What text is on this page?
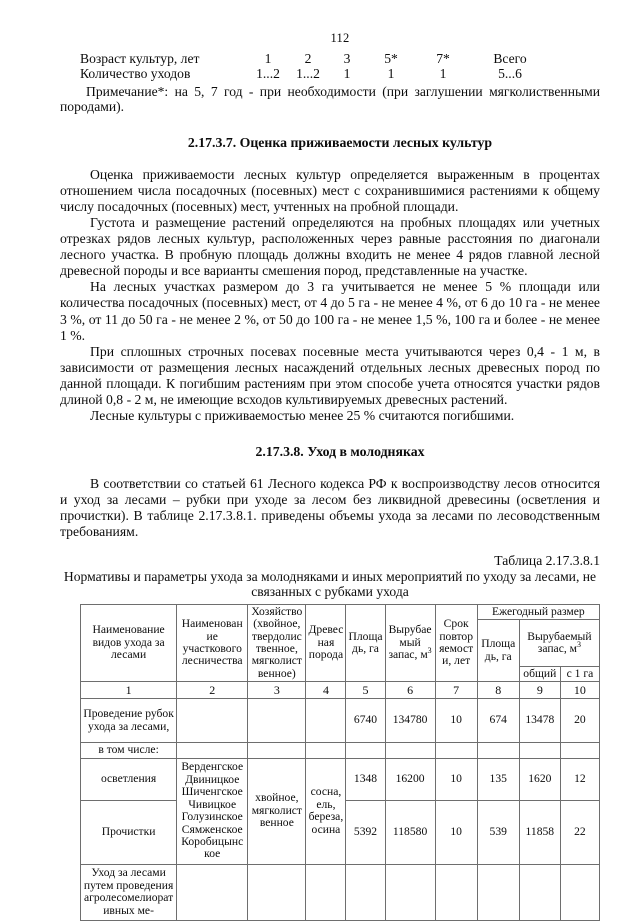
112
Возраст культур, лет	1	2	3	5*	7*	Всего
Количество уходов	1...2	1...2	1	1	1	5...6
Примечание*: на 5, 7 год - при необходимости (при заглушении мягколиственными породами).
2.17.3.7. Оценка приживаемости лесных культур

Оценка приживаемости лесных культур определяется выраженным в процентах отношением числа посадочных (посевных) мест с сохранившимися растениями к общему числу посадочных (посевных) мест, учтенных на пробной площади.

Густота и размещение растений определяются на пробных площадях или учетных отрезках рядов лесных культур, расположенных через равные расстояния по диагонали лесного участка. В пробную площадь должны входить не менее 4 рядов главной лесной древесной породы и все варианты смешения пород, представленные на участке.

На лесных участках размером до 3 га учитывается не менее 5 % площади или количества посадочных (посевных) мест, от 4 до 5 га - не менее 4 %, от 6 до 10 га - не менее 3 %, от 11 до 50 га - не менее 2 %, от 50 до 100 га - не менее 1,5 %, 100 га и более - не менее 1 %.

При сплошных строчных посевах посевные места учитываются через 0,4 - 1 м, в зависимости от размещения лесных насаждений отдельных лесных древесных пород по данной площади. К погибшим растениям при этом способе учета относятся участки рядов длиной 0,8 - 2 м, не имеющие всходов культивируемых древесных растений.

Лесные культуры с приживаемостью менее 25 % считаются погибшими.

2.17.3.8. Уход в молодняках

В соответствии со статьей 61 Лесного кодекса РФ к воспроизводству лесов относится и уход за лесами – рубки при уходе за лесом без ликвидной древесины (осветления и прочистки). В таблице 2.17.3.8.1. приведены объемы ухода за лесами по лесоводственным требованиям.

Таблица 2.17.3.8.1
Нормативы и параметры ухода за молодняками и иных мероприятий по уходу за лесами, не связанных с рубками ухода
Наименование видов ухода за лесами	Наименование участкового лесничества	Хозяйство (хвойное, твердолиственное, мягколиственное)	Древесная порода	Площадь, га	Вырубаемый запас, $м^3$	Срок повторяемости, лет	Ежегодный размер		
							Площадь, га	Вырубаемый запас, $м^3$
								общий	с 1 га
1	2	3	4	5	6	7	8	9	10
Проведение рубок ухода за лесами,				6740	134780	10	674	13478	20
в том числе:									
осветления	Верденгское Двиницкое Шиченгское Чивицкое Голузинское Сямженское Коробицынское	хвойное, мягколиственное	сосна, ель, береза, осина	1348	16200	10	135	1620	12
Прочистки				5392	118580	10	539	11858	22
Уход за лесами путем проведения агролесомелиоративных ме-									
